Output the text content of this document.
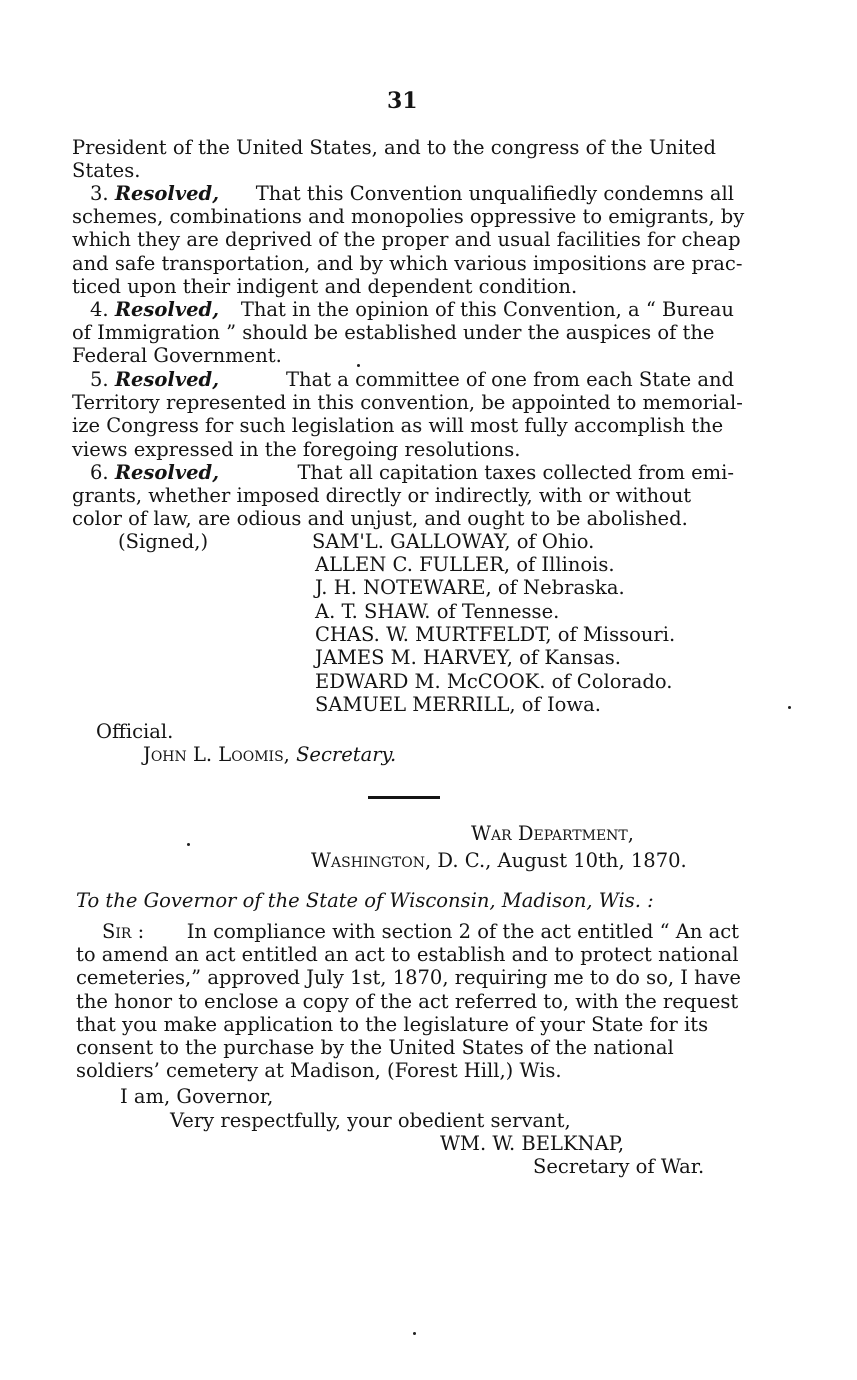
31
President of the United States, and to the congress of the United
States.
3. Resolved, That this Convention unqualifiedly condemns all
schemes, combinations and monopolies oppressive to emigrants, by
which they are deprived of the proper and usual facilities for cheap
and safe transportation, and by which various impositions are prac-
ticed upon their indigent and dependent condition.
4. Resolved, That in the opinion of this Convention, a “ Bureau
of Immigration ” should be established under the auspices of the
Federal Government.
5. Resolved,	That a committee of one from each State and
Territory represented in this convention, be appointed to memorial-
ize Congress for such legislation as will most fully accomplish the
views expressed in the foregoing resolutions.
6. Resolved,	That all capitation taxes collected from emi-
grants, whether imposed directly or indirectly, with or without
color of law, are odious and unjust, and ought to be abolished.
(Signed,)	SAM'L. GALLOWAY, of Ohio.
ALLEN C. FULLER, of Illinois.
J. H. NOTEWARE, of Nebraska.
A. T. SHAW. of Tennesse.
CHAS. W. MURTFELDT, of Missouri.
JAMES M. HARVEY, of Kansas.
EDWARD M. McCOOK. of Colorado.
SAMUEL MERRILL, of Iowa.
Official.
John L. Loomis, Secretary.
War Department,
Washington, D. C., August 10th, 1870.
To the Governor of the State of Wisconsin, Madison, Wis. :
Sir : In compliance with section 2 of the act entitled “ An act
to amend an act entitled an act to establish and to protect national
cemeteries,” approved July 1st, 1870, requiring me to do so, I have
the honor to enclose a copy of the act referred to, with the request
that you make application to the legislature of your State for its
consent to the purchase by the United States of the national
soldiers’ cemetery at Madison, (Forest Hill,) Wis.
I am, Governor,
Very respectfully, your obedient servant,
WM. W. BELKNAP,
Secretary of War.
